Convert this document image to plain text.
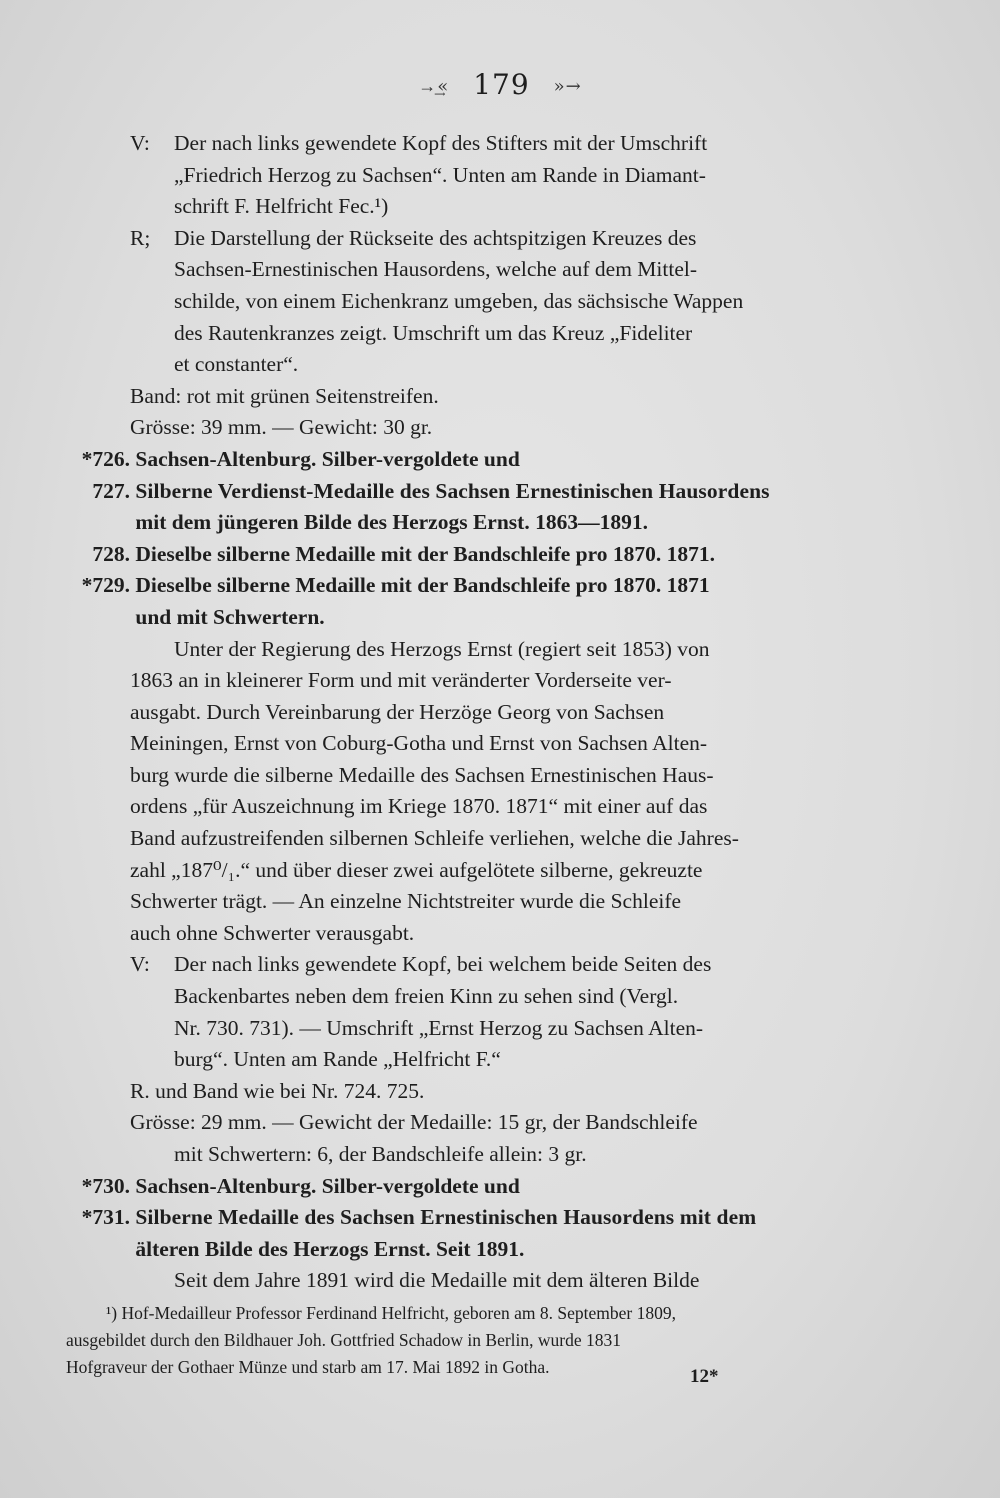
→͢« 179 »→
V: Der nach links gewendete Kopf des Stifters mit der Umschrift
„Friedrich Herzog zu Sachsen“. Unten am Rande in Diamant-
schrift F. Helfricht Fec.¹)
R; Die Darstellung der Rückseite des achtspitzigen Kreuzes des
Sachsen-Ernestinischen Hausordens, welche auf dem Mittel-
schilde, von einem Eichenkranz umgeben, das sächsische Wappen
des Rautenkranzes zeigt. Umschrift um das Kreuz „Fideliter
et constanter“.
Band: rot mit grünen Seitenstreifen.
Grösse: 39 mm. — Gewicht: 30 gr.
*726. Sachsen-Altenburg. Silber-vergoldete und
727. Silberne Verdienst-Medaille des Sachsen Ernestinischen Hausordens
mit dem jüngeren Bilde des Herzogs Ernst. 1863—1891.
728. Dieselbe silberne Medaille mit der Bandschleife pro 1870. 1871.
*729. Dieselbe silberne Medaille mit der Bandschleife pro 1870. 1871
und mit Schwertern.
Unter der Regierung des Herzogs Ernst (regiert seit 1853) von
1863 an in kleinerer Form und mit veränderter Vorderseite ver-
ausgabt. Durch Vereinbarung der Herzöge Georg von Sachsen
Meiningen, Ernst von Coburg-Gotha und Ernst von Sachsen Alten-
burg wurde die silberne Medaille des Sachsen Ernestinischen Haus-
ordens „für Auszeichnung im Kriege 1870. 1871“ mit einer auf das
Band aufzustreifenden silbernen Schleife verliehen, welche die Jahres-
zahl „187⁰/₁.“ und über dieser zwei aufgelötete silberne, gekreuzte
Schwerter trägt. — An einzelne Nichtstreiter wurde die Schleife
auch ohne Schwerter verausgabt.
V: Der nach links gewendete Kopf, bei welchem beide Seiten des
Backenbartes neben dem freien Kinn zu sehen sind (Vergl.
Nr. 730. 731). — Umschrift „Ernst Herzog zu Sachsen Alten-
burg“. Unten am Rande „Helfricht F.“
R. und Band wie bei Nr. 724. 725.
Grösse: 29 mm. — Gewicht der Medaille: 15 gr, der Bandschleife
mit Schwertern: 6, der Bandschleife allein: 3 gr.
*730. Sachsen-Altenburg. Silber-vergoldete und
*731. Silberne Medaille des Sachsen Ernestinischen Hausordens mit dem
älteren Bilde des Herzogs Ernst. Seit 1891.
Seit dem Jahre 1891 wird die Medaille mit dem älteren Bilde
¹) Hof-Medailleur Professor Ferdinand Helfricht, geboren am 8. September 1809,
ausgebildet durch den Bildhauer Joh. Gottfried Schadow in Berlin, wurde 1831
Hofgraveur der Gothaer Münze und starb am 17. Mai 1892 in Gotha.	12*
